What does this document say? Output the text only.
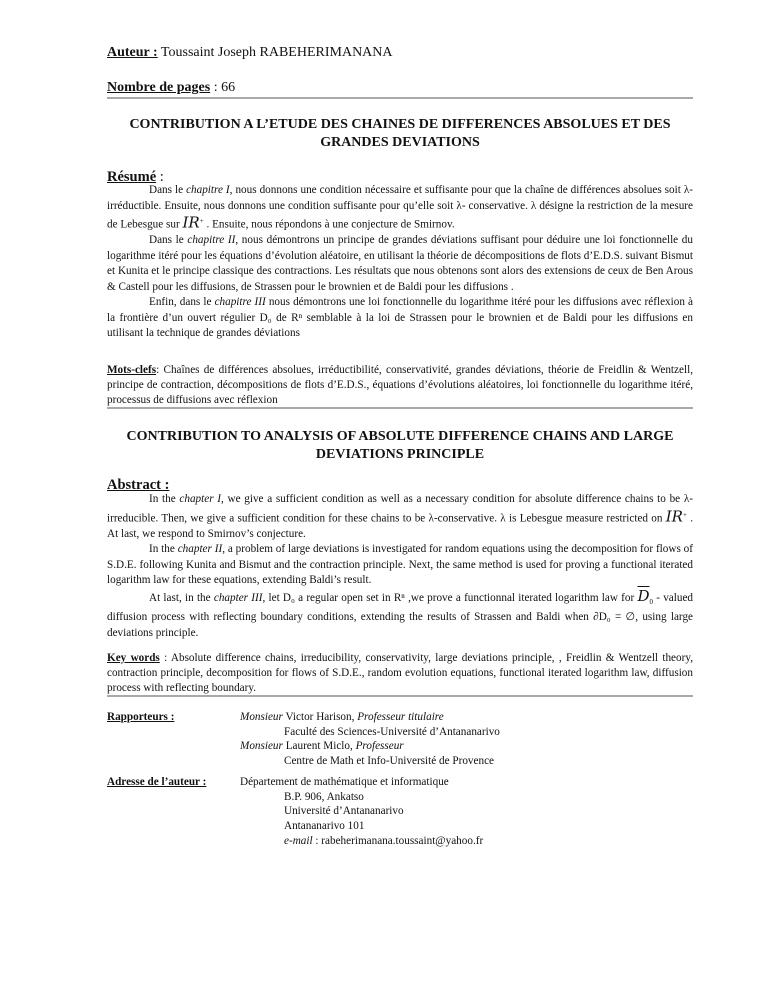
Auteur : Toussaint Joseph RABEHERIMANANA
Nombre de pages : 66
CONTRIBUTION A L’ETUDE DES CHAINES DE DIFFERENCES ABSOLUES ET DES
GRANDES DEVIATIONS
Résumé :

Dans le chapitre I, nous donnons une condition nécessaire et suffisante pour que la chaîne de différences absolues soit λ- irréductible. Ensuite, nous donnons une condition suffisante pour qu’elle soit λ- conservative. λ désigne la restriction de la mesure de Lebesgue sur IR+ . Ensuite, nous répondons à une conjecture de Smirnov.

Dans le chapitre II, nous démontrons un principe de grandes déviations suffisant pour déduire une loi fonctionnelle du logarithme itéré pour les équations d’évolution aléatoire, en utilisant la théorie de décompositions de flots d’E.D.S. suivant Bismut et Kunita et le principe classique des contractions. Les résultats que nous obtenons sont alors des extensions de ceux de Ben Arous & Castell pour les diffusions, de Strassen pour le brownien et de Baldi pour les diffusions .

Enfin, dans le chapitre III nous démontrons une loi fonctionnelle du logarithme itéré pour les diffusions avec réflexion à la frontière d’un ouvert régulier D₀ de Rⁿ semblable à la loi de Strassen pour le brownien et de Baldi pour les diffusions en utilisant la technique de grandes déviations

Mots-clefs: Chaînes de différences absolues, irréductibilité, conservativité, grandes déviations, théorie de Freidlin & Wentzell, principe de contraction, décompositions de flots d’E.D.S., équations d’évolutions aléatoires, loi fonctionnelle du logarithme itéré, processus de diffusions avec réflexion

CONTRIBUTION TO ANALYSIS OF ABSOLUTE DIFFERENCE CHAINS AND LARGE
DEVIATIONS PRINCIPLE
Abstract :

In the chapter I, we give a sufficient condition as well as a necessary condition for absolute difference chains to be λ-irreducible. Then, we give a sufficient condition for these chains to be λ-conservative. λ is Lebesgue measure restricted on IR+ . At last, we respond to Smirnov’s conjecture.

In the chapter II, a problem of large deviations is investigated for random equations using the decomposition for flows of S.D.E. following Kunita and Bismut and the contraction principle. Next, the same method is used for proving a functional iterated logarithm law for these equations, extending Baldi’s result.

At last, in the chapter III, let D₀ a regular open set in Rⁿ ,we prove a functionnal iterated logarithm law for $\overline{D}_0$ - valued diffusion process with reflecting boundary conditions, extending the results of Strassen and Baldi when ∂D₀ = ∅, using large deviations principle.

Key words : Absolute difference chains, irreducibility, conservativity, large deviations principle, , Freidlin & Wentzell theory, contraction principle, decomposition for flows of S.D.E., random evolution equations, functional iterated logarithm law, diffusion process with reflecting boundary.

Rapporteurs :	Monsieur Victor Harison, Professeur titulaire
Faculté des Sciences-Université d’Antananarivo
Monsieur Laurent Miclo, Professeur
Centre de Math et Info-Université de Provence
Adresse de l’auteur :	Département de mathématique et informatique
B.P. 906, Ankatso
Université d’Antananarivo
Antananarivo 101
e-mail : rabeherimanana.toussaint@yahoo.fr
